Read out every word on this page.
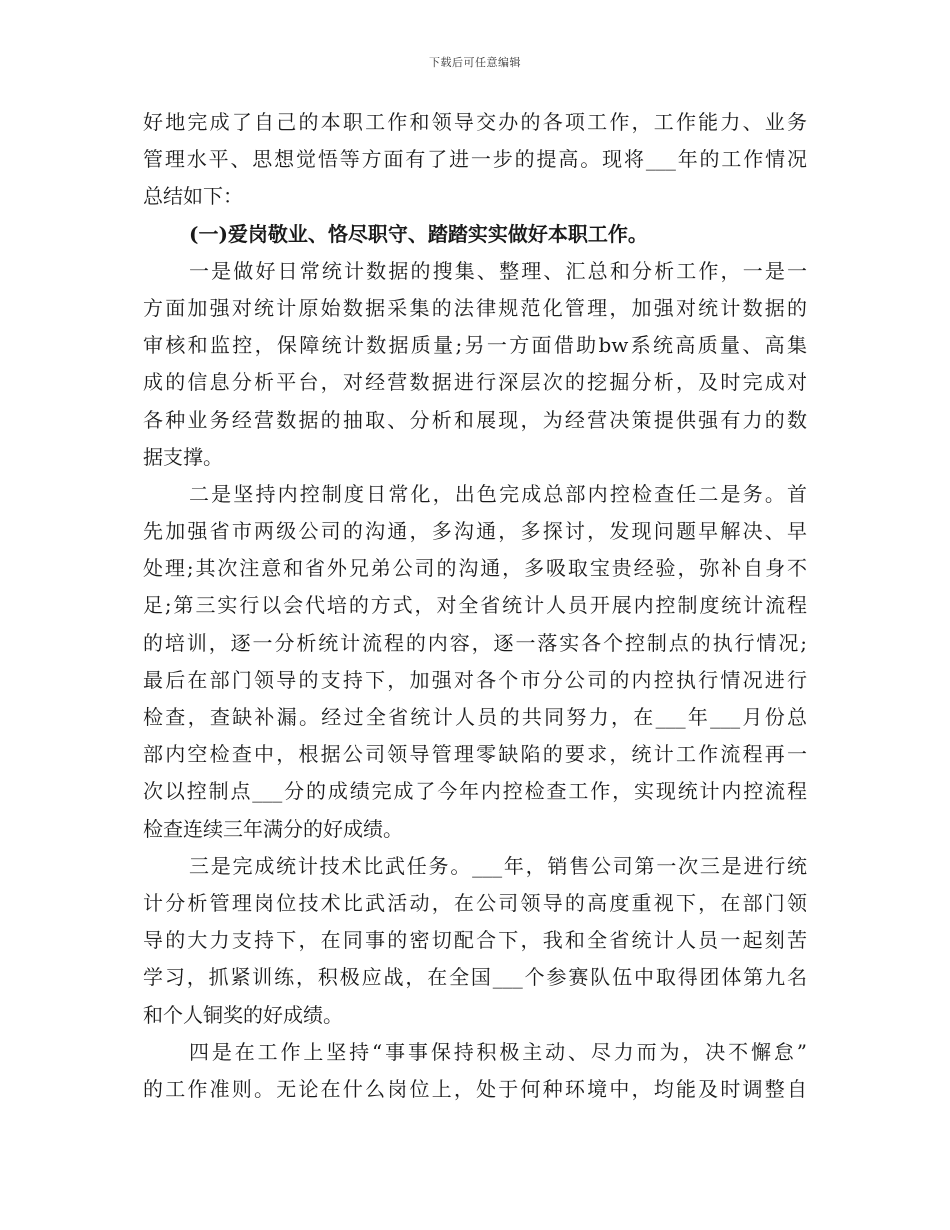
下载后可任意编辑
好地完成了自己的本职工作和领导交办的各项工作，工作能力、业务
管理水平、思想觉悟等方面有了进一步的提高。现将___年的工作情况
总结如下：
(一)爱岗敬业、恪尽职守、踏踏实实做好本职工作。
一是做好日常统计数据的搜集、整理、汇总和分析工作，一是一
方面加强对统计原始数据采集的法律规范化管理，加强对统计数据的
审核和监控，保障统计数据质量;另一方面借助bw系统高质量、高集
成的信息分析平台，对经营数据进行深层次的挖掘分析，及时完成对
各种业务经营数据的抽取、分析和展现，为经营决策提供强有力的数
据支撑。
二是坚持内控制度日常化，出色完成总部内控检查任二是务。首
先加强省市两级公司的沟通，多沟通，多探讨，发现问题早解决、早
处理;其次注意和省外兄弟公司的沟通，多吸取宝贵经验，弥补自身不
足;第三实行以会代培的方式，对全省统计人员开展内控制度统计流程
的培训，逐一分析统计流程的内容，逐一落实各个控制点的执行情况;
最后在部门领导的支持下，加强对各个市分公司的内控执行情况进行
检查，查缺补漏。经过全省统计人员的共同努力，在___年___月份总
部内空检查中，根据公司领导管理零缺陷的要求，统计工作流程再一
次以控制点___分的成绩完成了今年内控检查工作，实现统计内控流程
检查连续三年满分的好成绩。
三是完成统计技术比武任务。___年，销售公司第一次三是进行统
计分析管理岗位技术比武活动，在公司领导的高度重视下，在部门领
导的大力支持下，在同事的密切配合下，我和全省统计人员一起刻苦
学习，抓紧训练，积极应战，在全国___个参赛队伍中取得团体第九名
和个人铜奖的好成绩。
四是在工作上坚持“事事保持积极主动、尽力而为，决不懈怠”
的工作准则。无论在什么岗位上，处于何种环境中，均能及时调整自
